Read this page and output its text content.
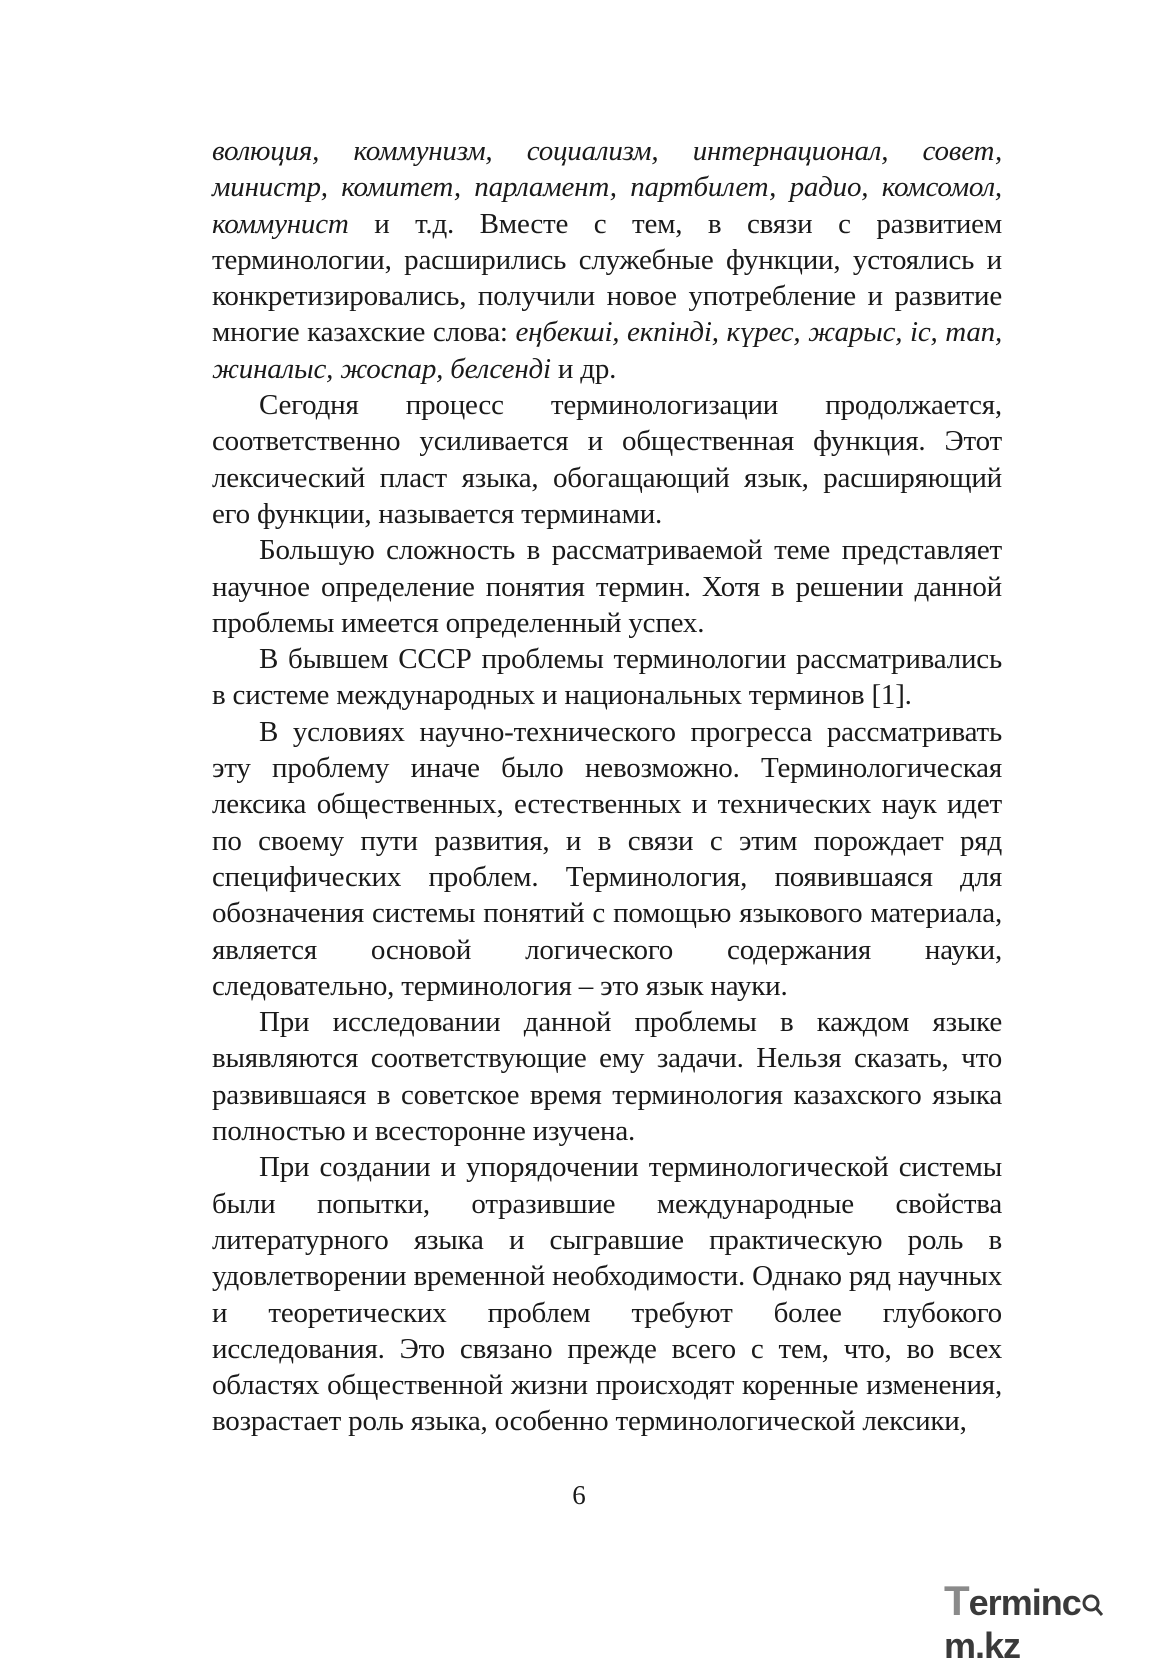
волюция, коммунизм, социализм, интернационал, совет, министр, комитет, парламент, партбилет, радио, комсомол, коммунист и т.д. Вместе с тем, в связи с развитием терминологии, расширились служебные функции, устоялись и конкретизировались, получили новое употребление и развитие многие казахские слова: еңбекші, екпінді, күрес, жарыс, іс, тап, жиналыс, жоспар, белсенді и др.

Сегодня процесс терминологизации продолжается, соответственно усиливается и общественная функция. Этот лексический пласт языка, обогащающий язык, расширяющий его функции, называется терминами.

Большую сложность в рассматриваемой теме представляет научное определение понятия термин. Хотя в решении данной проблемы имеется определенный успех.

В бывшем СССР проблемы терминологии рассматривались в системе международных и национальных терминов [1].

В условиях научно-технического прогресса рассматривать эту проблему иначе было невозможно. Терминологическая лексика общественных, естественных и технических наук идет по своему пути развития, и в связи с этим порождает ряд специфических проблем. Терминология, появившаяся для обозначения системы понятий с помощью языкового материала, является основой логического содержания науки, следовательно, терминология – это язык науки.

При исследовании данной проблемы в каждом языке выявляются соответствующие ему задачи. Нельзя сказать, что развившаяся в советское время терминология казахского языка полностью и всесторонне изучена.

При создании и упорядочении терминологической системы были попытки, отразившие международные свойства литературного языка и сыгравшие практическую роль в удовлетворении временной необходимости. Однако ряд научных и теоретических проблем требуют более глубокого исследования. Это связано прежде всего с тем, что, во всех областях общественной жизни происходят коренные изменения, возрастает роль языка, особенно терминологической лексики,

6
Termincm.kz
